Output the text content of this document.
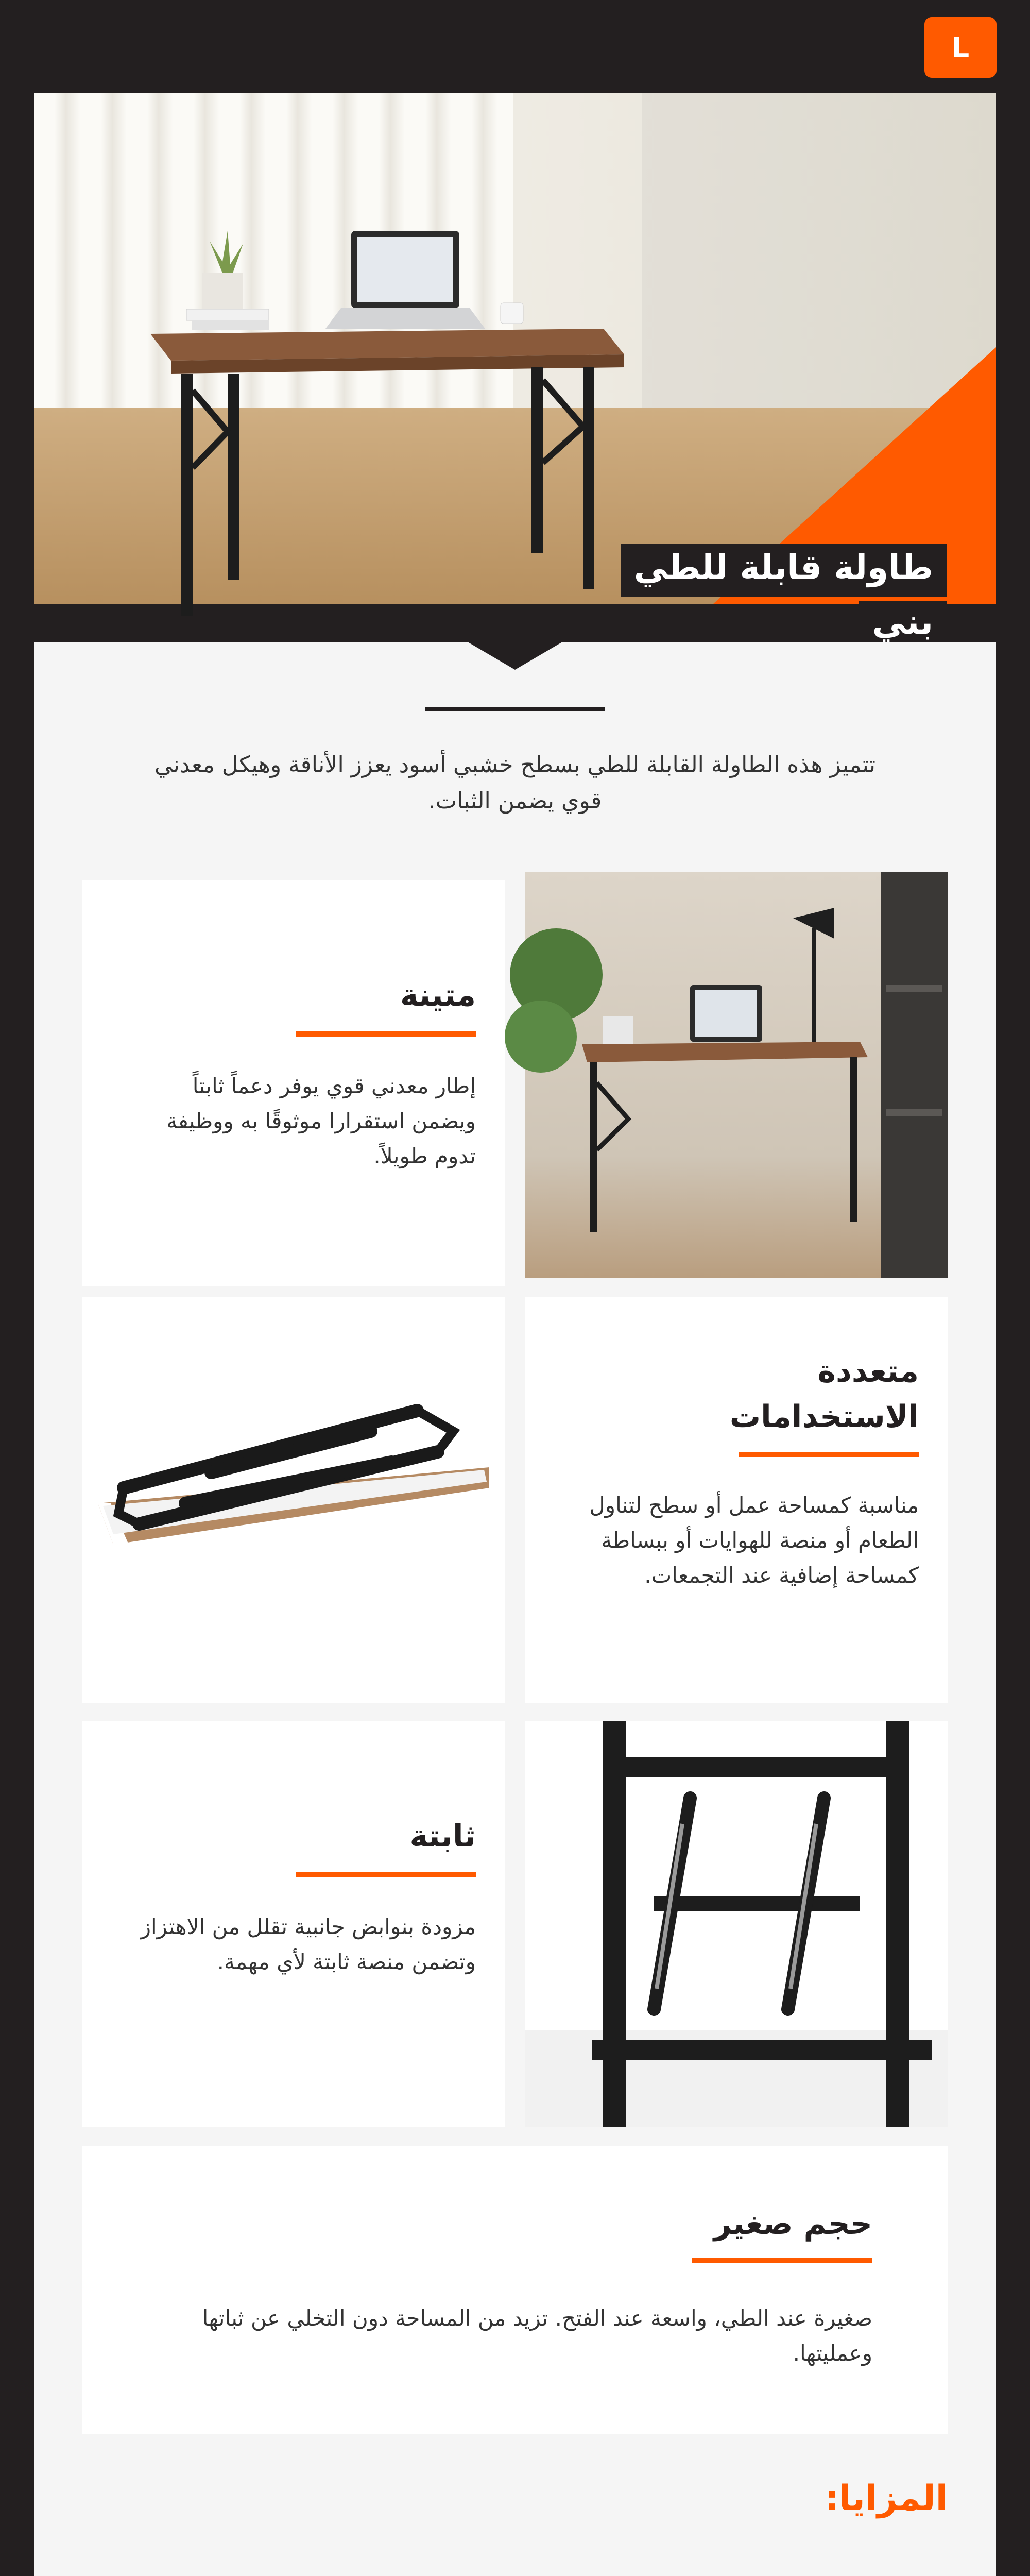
L
طاولة قابلة للطي
بني
تتميز هذه الطاولة القابلة للطي بسطح خشبي أسود يعزز الأناقة وهيكل معدني قوي يضمن الثبات.
متينة
إطار معدني قوي يوفر دعماً ثابتاً ويضمن استقرارا موثوقًا به ووظيفة تدوم طويلاً.
متعددة الاستخدامات
مناسبة كمساحة عمل أو سطح لتناول الطعام أو منصة للهوايات أو ببساطة كمساحة إضافية عند التجمعات.
ثابتة
مزودة بنوابض جانبية تقلل من الاهتزاز وتضمن منصة ثابتة لأي مهمة.
حجم صغير
صغيرة عند الطي، واسعة عند الفتح. تزيد من المساحة دون التخلي عن ثباتها وعمليتها.
المزايا:
